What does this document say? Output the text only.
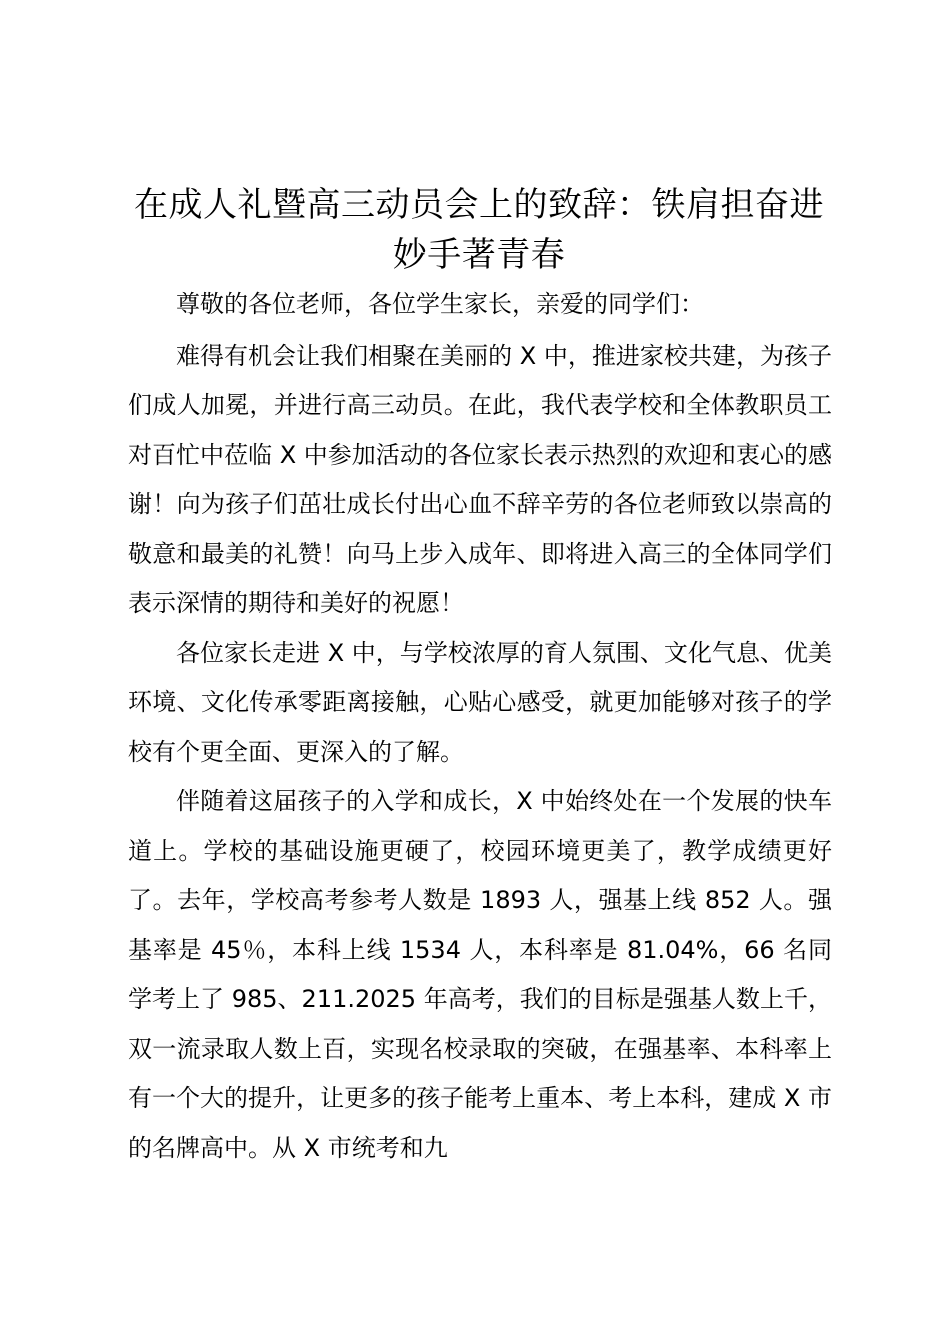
在成人礼暨高三动员会上的致辞：铁肩担奋进
妙手著青春

尊敬的各位老师，各位学生家长，亲爱的同学们：

难得有机会让我们相聚在美丽的 X 中，推进家校共建，为孩子们成人加冕，并进行高三动员。在此，我代表学校和全体教职员工对百忙中莅临 X 中参加活动的各位家长表示热烈的欢迎和衷心的感谢！向为孩子们茁壮成长付出心血不辞辛劳的各位老师致以崇高的敬意和最美的礼赞！向马上步入成年、即将进入高三的全体同学们表示深情的期待和美好的祝愿！

各位家长走进 X 中，与学校浓厚的育人氛围、文化气息、优美环境、文化传承零距离接触，心贴心感受，就更加能够对孩子的学校有个更全面、更深入的了解。

伴随着这届孩子的入学和成长，X 中始终处在一个发展的快车道上。学校的基础设施更硬了，校园环境更美了，教学成绩更好了。去年，学校高考参考人数是 1893 人，强基上线 852 人。强基率是 45％，本科上线 1534 人，本科率是 81.04%，66 名同学考上了 985、211.2025 年高考，我们的目标是强基人数上千，双一流录取人数上百，实现名校录取的突破，在强基率、本科率上有一个大的提升，让更多的孩子能考上重本、考上本科，建成 X 市的名牌高中。从 X 市统考和九
